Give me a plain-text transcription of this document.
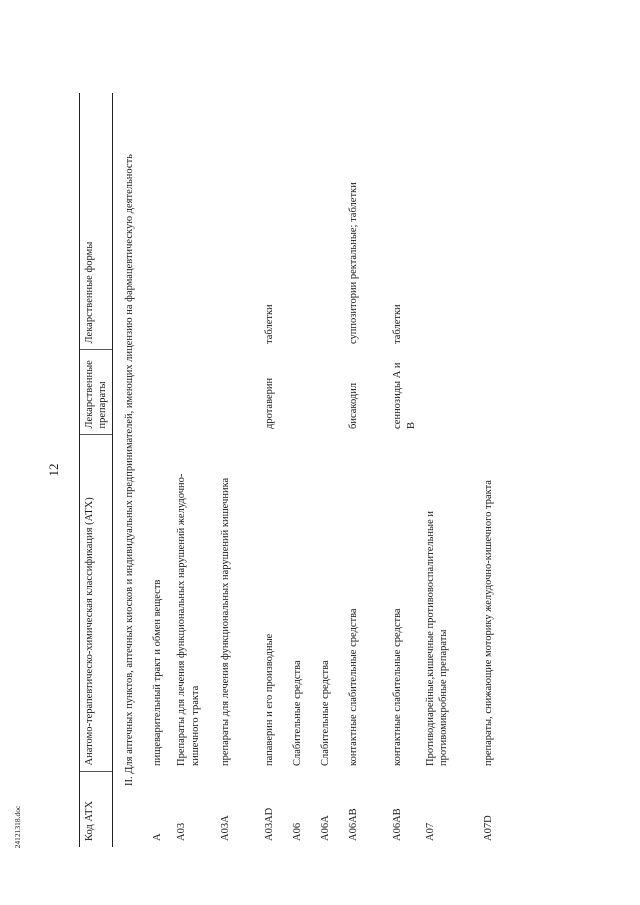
12
24121318.doc	Код АТХ	Анатомо-терапевтическо-химическая классификация (АТХ)	Лекарственные препараты	Лекарственные формы
II. Для аптечных пунктов, аптечных киосков и индивидуальных предпринимателей, имеющих лицензию на фармацевтическую деятельность			
A	пищеварительный тракт и обмен веществ		
A03	Препараты для лечения функциональных нарушений желудочно-кишечного тракта		
A03A	препараты для лечения функциональных нарушений кишечника		
A03AD	папаверин и его производные	дротаверин	таблетки
A06	Слабительные средства		
A06A	Слабительные средства		
A06AB	контактные слабительные средства	бисакодил	суппозитории ректальные; таблетки
A06AB	контактные слабительные средства	сеннозиды А и В	таблетки
A07	Противодиарейные,кишечные противовоспалительные и противомикробные препараты		
A07D	препараты, снижающие моторику желудочно-кишечного тракта		
